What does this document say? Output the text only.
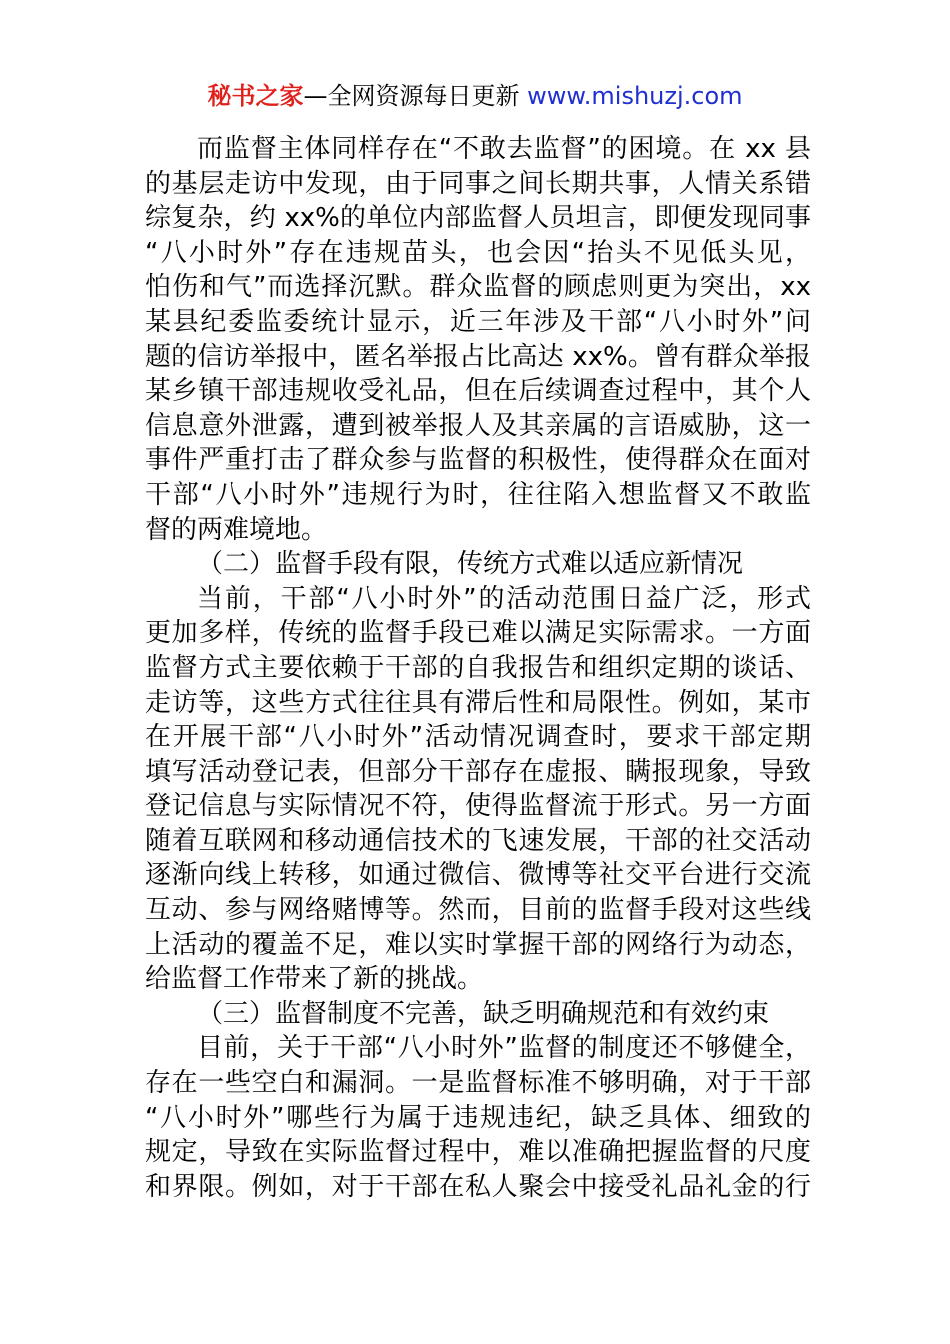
秘书之家—全网资源每日更新 www.mishuzj.com
而监督主体同样存在“不敢去监督”的困境。在 xx 县
的基层走访中发现，由于同事之间长期共事，人情关系错
综复杂，约 xx%的单位内部监督人员坦言，即便发现同事
“八小时外”存在违规苗头，也会因“抬头不见低头见，
怕伤和气”而选择沉默。群众监督的顾虑则更为突出，xx
某县纪委监委统计显示，近三年涉及干部“八小时外”问
题的信访举报中，匿名举报占比高达 xx%。曾有群众举报
某乡镇干部违规收受礼品，但在后续调查过程中，其个人
信息意外泄露，遭到被举报人及其亲属的言语威胁，这一
事件严重打击了群众参与监督的积极性，使得群众在面对
干部“八小时外”违规行为时，往往陷入想监督又不敢监
督的两难境地。
（二）监督手段有限，传统方式难以适应新情况
当前，干部“八小时外”的活动范围日益广泛，形式
更加多样，传统的监督手段已难以满足实际需求。一方面
监督方式主要依赖于干部的自我报告和组织定期的谈话、
走访等，这些方式往往具有滞后性和局限性。例如，某市
在开展干部“八小时外”活动情况调查时，要求干部定期
填写活动登记表，但部分干部存在虚报、瞒报现象，导致
登记信息与实际情况不符，使得监督流于形式。另一方面
随着互联网和移动通信技术的飞速发展，干部的社交活动
逐渐向线上转移，如通过微信、微博等社交平台进行交流
互动、参与网络赌博等。然而，目前的监督手段对这些线
上活动的覆盖不足，难以实时掌握干部的网络行为动态，
给监督工作带来了新的挑战。
（三）监督制度不完善，缺乏明确规范和有效约束
目前，关于干部“八小时外”监督的制度还不够健全，
存在一些空白和漏洞。一是监督标准不够明确，对于干部
“八小时外”哪些行为属于违规违纪，缺乏具体、细致的
规定，导致在实际监督过程中，难以准确把握监督的尺度
和界限。例如，对于干部在私人聚会中接受礼品礼金的行
